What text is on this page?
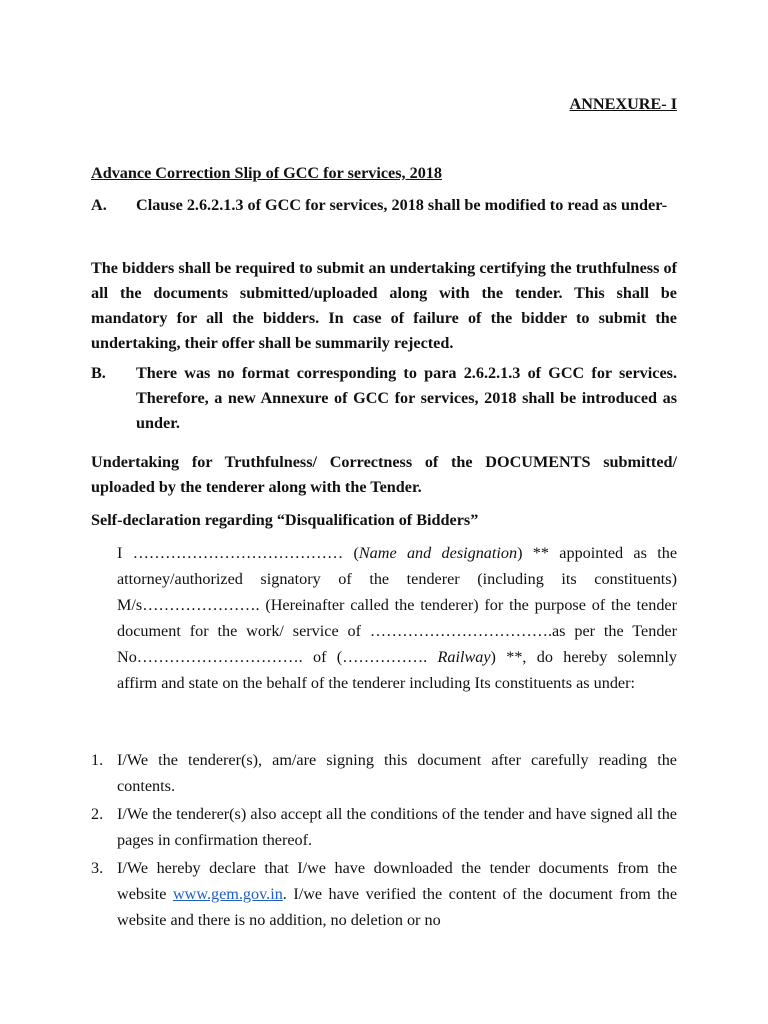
ANNEXURE- I
Advance Correction Slip of GCC for services, 2018
A. Clause 2.6.2.1.3 of GCC for services, 2018 shall be modified to read as under-

The bidders shall be required to submit an undertaking certifying the truthfulness of all the documents submitted/uploaded along with the tender. This shall be mandatory for all the bidders. In case of failure of the bidder to submit the undertaking, their offer shall be summarily rejected.

B. There was no format corresponding to para 2.6.2.1.3 of GCC for services. Therefore, a new Annexure of GCC for services, 2018 shall be introduced as under.

Undertaking for Truthfulness/ Correctness of the DOCUMENTS submitted/ uploaded by the tenderer along with the Tender.

Self-declaration regarding “Disqualification of Bidders”

I ………………………………… (Name and designation) ** appointed as the attorney/authorized signatory of the tenderer (including its constituents) M/s…………………. (Hereinafter called the tenderer) for the purpose of the tender document for the work/ service of …………………………….as per the Tender No…………………………. of (……………. Railway) **, do hereby solemnly affirm and state on the behalf of the tenderer including Its constituents as under:

1. I/We the tenderer(s), am/are signing this document after carefully reading the contents.
2. I/We the tenderer(s) also accept all the conditions of the tender and have signed all the pages in confirmation thereof.
3. I/We hereby declare that I/we have downloaded the tender documents from the website www.gem.gov.in. I/we have verified the content of the document from the website and there is no addition, no deletion or no
